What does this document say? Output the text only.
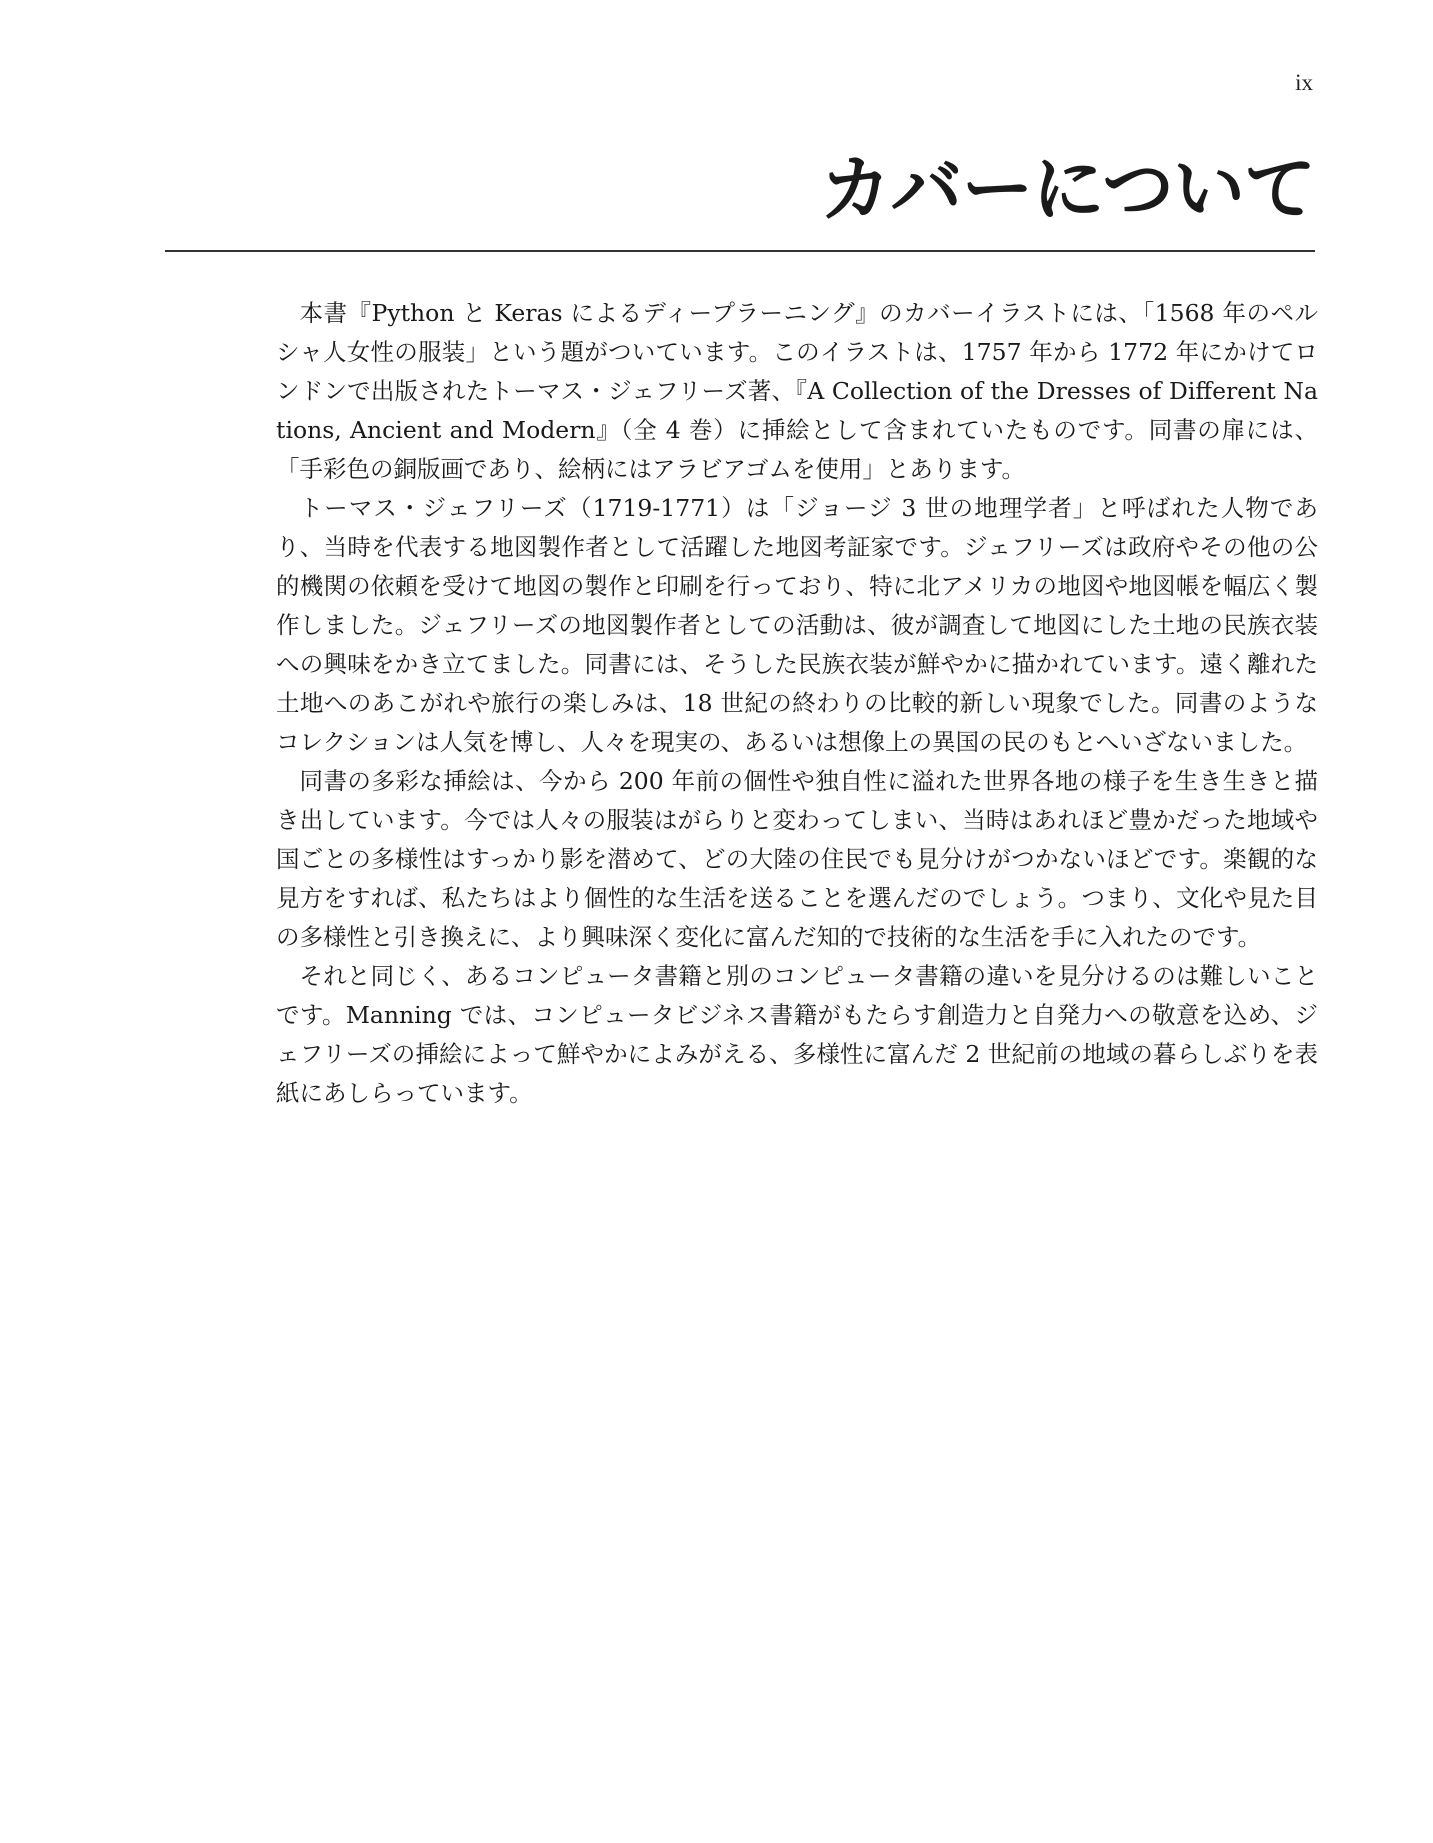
ix
カバーについて

本書『Python と Keras によるディープラーニング』のカバーイラストには、「1568 年のペルシャ人女性の服装」という題がついています。このイラストは、1757 年から 1772 年にかけてロンドンで出版されたトーマス・ジェフリーズ著、『A Collection of the Dresses of Different Nations, Ancient and Modern』（全 4 巻）に挿絵として含まれていたものです。同書の扉には、「手彩色の銅版画であり、絵柄にはアラビアゴムを使用」とあります。

トーマス・ジェフリーズ（1719-1771）は「ジョージ 3 世の地理学者」と呼ばれた人物であり、当時を代表する地図製作者として活躍した地図考証家です。ジェフリーズは政府やその他の公的機関の依頼を受けて地図の製作と印刷を行っており、特に北アメリカの地図や地図帳を幅広く製作しました。ジェフリーズの地図製作者としての活動は、彼が調査して地図にした土地の民族衣装への興味をかき立てました。同書には、そうした民族衣装が鮮やかに描かれています。遠く離れた土地へのあこがれや旅行の楽しみは、18 世紀の終わりの比較的新しい現象でした。同書のようなコレクションは人気を博し、人々を現実の、あるいは想像上の異国の民のもとへいざないました。

同書の多彩な挿絵は、今から 200 年前の個性や独自性に溢れた世界各地の様子を生き生きと描き出しています。今では人々の服装はがらりと変わってしまい、当時はあれほど豊かだった地域や国ごとの多様性はすっかり影を潜めて、どの大陸の住民でも見分けがつかないほどです。楽観的な見方をすれば、私たちはより個性的な生活を送ることを選んだのでしょう。つまり、文化や見た目の多様性と引き換えに、より興味深く変化に富んだ知的で技術的な生活を手に入れたのです。

それと同じく、あるコンピュータ書籍と別のコンピュータ書籍の違いを見分けるのは難しいことです。Manning では、コンピュータビジネス書籍がもたらす創造力と自発力への敬意を込め、ジェフリーズの挿絵によって鮮やかによみがえる、多様性に富んだ 2 世紀前の地域の暮らしぶりを表紙にあしらっています。
